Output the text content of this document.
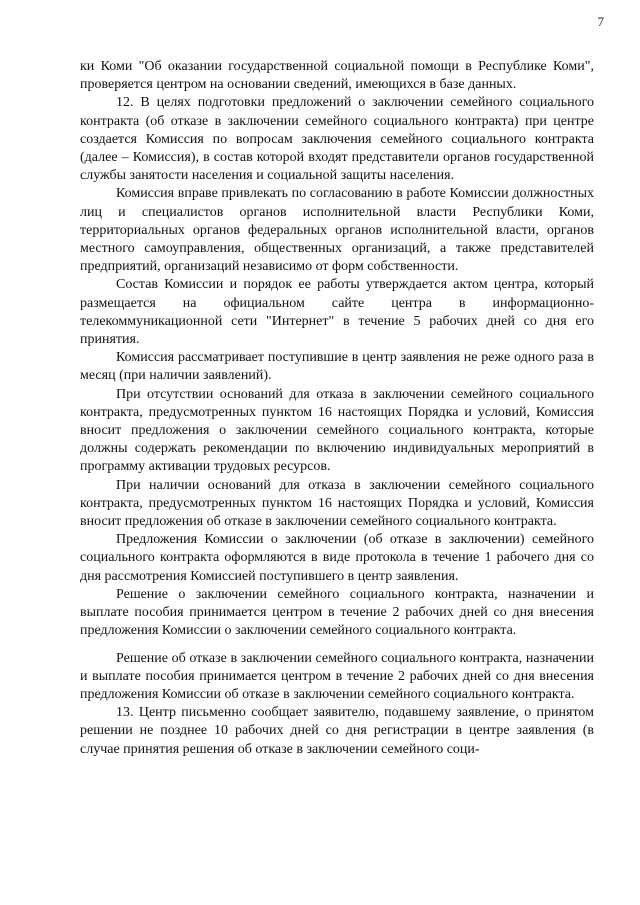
7

ки Коми "Об оказании государственной социальной помощи в Республике Коми", проверяется центром на основании сведений, имеющихся в базе данных.

12. В целях подготовки предложений о заключении семейного социального контракта (об отказе в заключении семейного социального контракта) при центре создается Комиссия по вопросам заключения семейного социального контракта (далее – Комиссия), в состав которой входят представители органов государственной службы занятости населения и социальной защиты населения.

Комиссия вправе привлекать по согласованию в работе Комиссии должностных лиц и специалистов органов исполнительной власти Республики Коми, территориальных органов федеральных органов исполнительной власти, органов местного самоуправления, общественных организаций, а также представителей предприятий, организаций независимо от форм собственности.

Состав Комиссии и порядок ее работы утверждается актом центра, который размещается на официальном сайте центра в информационно-телекоммуникационной сети "Интернет" в течение 5 рабочих дней со дня его принятия.

Комиссия рассматривает поступившие в центр заявления не реже одного раза в месяц (при наличии заявлений).

При отсутствии оснований для отказа в заключении семейного социального контракта, предусмотренных пунктом 16 настоящих Порядка и условий, Комиссия вносит предложения о заключении семейного социального контракта, которые должны содержать рекомендации по включению индивидуальных мероприятий в программу активации трудовых ресурсов.

При наличии оснований для отказа в заключении семейного социального контракта, предусмотренных пунктом 16 настоящих Порядка и условий, Комиссия вносит предложения об отказе в заключении семейного социального контракта.

Предложения Комиссии о заключении (об отказе в заключении) семейного социального контракта оформляются в виде протокола в течение 1 рабочего дня со дня рассмотрения Комиссией поступившего в центр заявления.

Решение о заключении семейного социального контракта, назначении и выплате пособия принимается центром в течение 2 рабочих дней со дня внесения предложения Комиссии о заключении семейного социального контракта.

Решение об отказе в заключении семейного социального контракта, назначении и выплате пособия принимается центром в течение 2 рабочих дней со дня внесения предложения Комиссии об отказе в заключении семейного социального контракта.

13. Центр письменно сообщает заявителю, подавшему заявление, о принятом решении не позднее 10 рабочих дней со дня регистрации в центре заявления (в случае принятия решения об отказе в заключении семейного соци-
